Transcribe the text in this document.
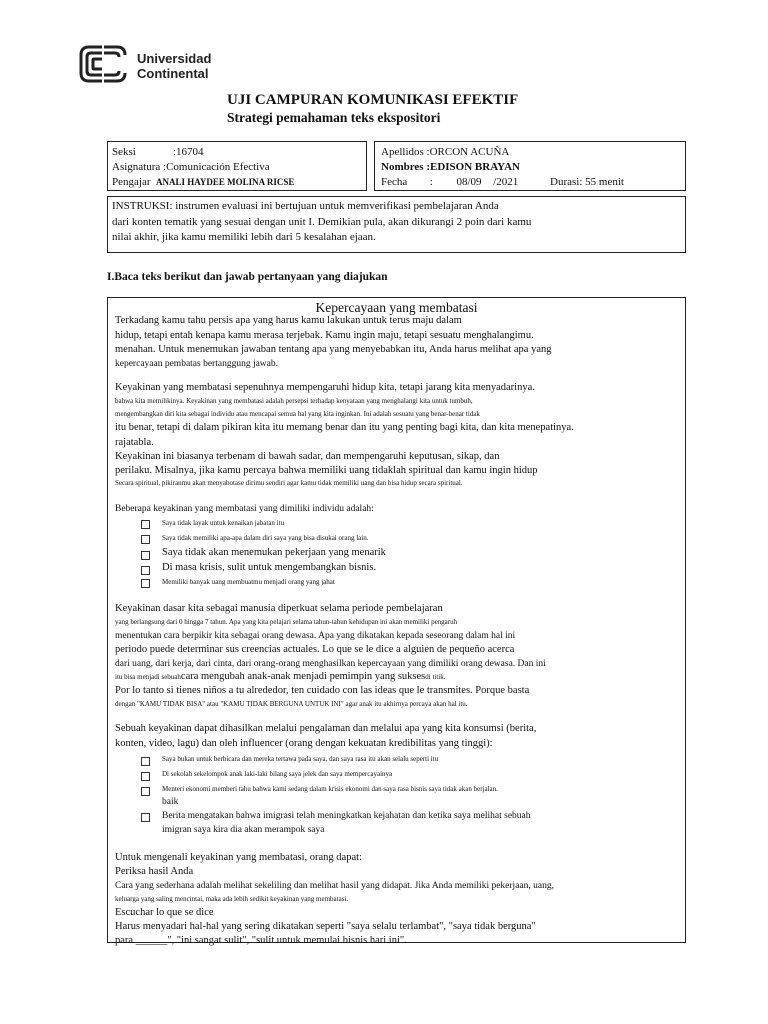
Universidad
Continental
UJI CAMPURAN KOMUNIKASI EFEKTIF
Strategi pemahaman teks ekspositori
Seksi	:16704
Asignatura :Comunicación Efectiva
Pengajar ANALI HAYDEE MOLINA RICSE
Apellidos :ORCON ACUÑA
Nombres :EDISON BRAYAN
Fecha : 08/09 /2021	Durasi: 55 menit
INSTRUKSI: instrumen evaluasi ini bertujuan untuk memverifikasi pembelajaran Anda
dari konten tematik yang sesuai dengan unit I. Demikian pula, akan dikurangi 2 poin dari kamu
nilai akhir, jika kamu memiliki lebih dari 5 kesalahan ejaan.
I.Baca teks berikut dan jawab pertanyaan yang diajukan
Kepercayaan yang membatasi
Terkadang kamu tahu persis apa yang harus kamu lakukan untuk terus maju dalam
hidup, tetapi entah kenapa kamu merasa terjebak. Kamu ingin maju, tetapi sesuatu menghalangimu.
menahan. Untuk menemukan jawaban tentang apa yang menyebabkan itu, Anda harus melihat apa yang
kepercayaan pembatas bertanggung jawab.
Keyakinan yang membatasi sepenuhnya mempengaruhi hidup kita, tetapi jarang kita menyadarinya.
bahwa kita memilikinya. Keyakinan yang membatasi adalah persepsi terhadap kenyataan yang menghalangi kita untuk tumbuh,
mengembangkan diri kita sebagai individu atau mencapai semua hal yang kita inginkan. Ini adalah sesuatu yang benar-benar tidak
itu benar, tetapi di dalam pikiran kita itu memang benar dan itu yang penting bagi kita, dan kita menepatinya.
rajatabla.
Keyakinan ini biasanya terbenam di bawah sadar, dan mempengaruhi keputusan, sikap, dan
perilaku. Misalnya, jika kamu percaya bahwa memiliki uang tidaklah spiritual dan kamu ingin hidup
Secara spiritual, pikiranmu akan menyabotase dirimu sendiri agar kamu tidak memiliki uang dan bisa hidup secara spiritual.
Beberapa keyakinan yang membatasi yang dimiliki individu adalah:
Saya tidak layak untuk kenaikan jabatan itu
Saya tidak memiliki apa-apa dalam diri saya yang bisa disukai orang lain.
Saya tidak akan menemukan pekerjaan yang menarik
Di masa krisis, sulit untuk mengembangkan bisnis.
Memiliki banyak uang membuatmu menjadi orang yang jahat
Keyakinan dasar kita sebagai manusia diperkuat selama periode pembelajaran
yang berlangsung dari 0 hingga 7 tahun. Apa yang kita pelajari selama tahun-tahun kehidupan ini akan memiliki pengaruh
menentukan cara berpikir kita sebagai orang dewasa. Apa yang dikatakan kepada seseorang dalam hal ini
periodo puede determinar sus creencias actuales. Lo que se le dice a alguien de pequeño acerca
dari uang, dari kerja, dari cinta, dari orang-orang menghasilkan kepercayaan yang dimiliki orang dewasa. Dan ini
itu bisa menjadi sebuahcara mengubah anak-anak menjadi pemimpin yang suksesdi titik.
Por lo tanto si tienes niños a tu alrededor, ten cuidado con las ideas que le transmites. Porque basta
dengan "KAMU TIDAK BISA" atau "KAMU TIDAK BERGUNA UNTUK INI" agar anak itu akhirnya percaya akan hal itu.
Sebuah keyakinan dapat dihasilkan melalui pengalaman dan melalui apa yang kita konsumsi (berita,
konten, video, lagu) dan oleh influencer (orang dengan kekuatan kredibilitas yang tinggi):
Saya bukan untuk berbicara dan mereka tertawa pada saya, dan saya rasa itu akan selalu seperti itu
Di sekolah sekelompok anak laki-laki bilang saya jelek dan saya mempercayainya
Menteri ekonomi memberi tahu bahwa kami sedang dalam krisis ekonomi dan saya rasa bisnis saya tidak akan berjalan.
baik
Berita mengatakan bahwa imigrasi telah meningkatkan kejahatan dan ketika saya melihat sebuah
imigran saya kira dia akan merampok saya
Untuk mengenali keyakinan yang membatasi, orang dapat:
Periksa hasil Anda
Cara yang sederhana adalah melihat sekeliling dan melihat hasil yang didapat. Jika Anda memiliki pekerjaan, uang,
keluarga yang saling mencintai, maka ada lebih sedikit keyakinan yang membatasi.
Escuchar lo que se dice
Harus menyadari hal-hal yang sering dikatakan seperti "saya selalu terlambat", "saya tidak berguna"
para ______", "ini sangat sulit", "sulit untuk memulai bisnis hari ini".
